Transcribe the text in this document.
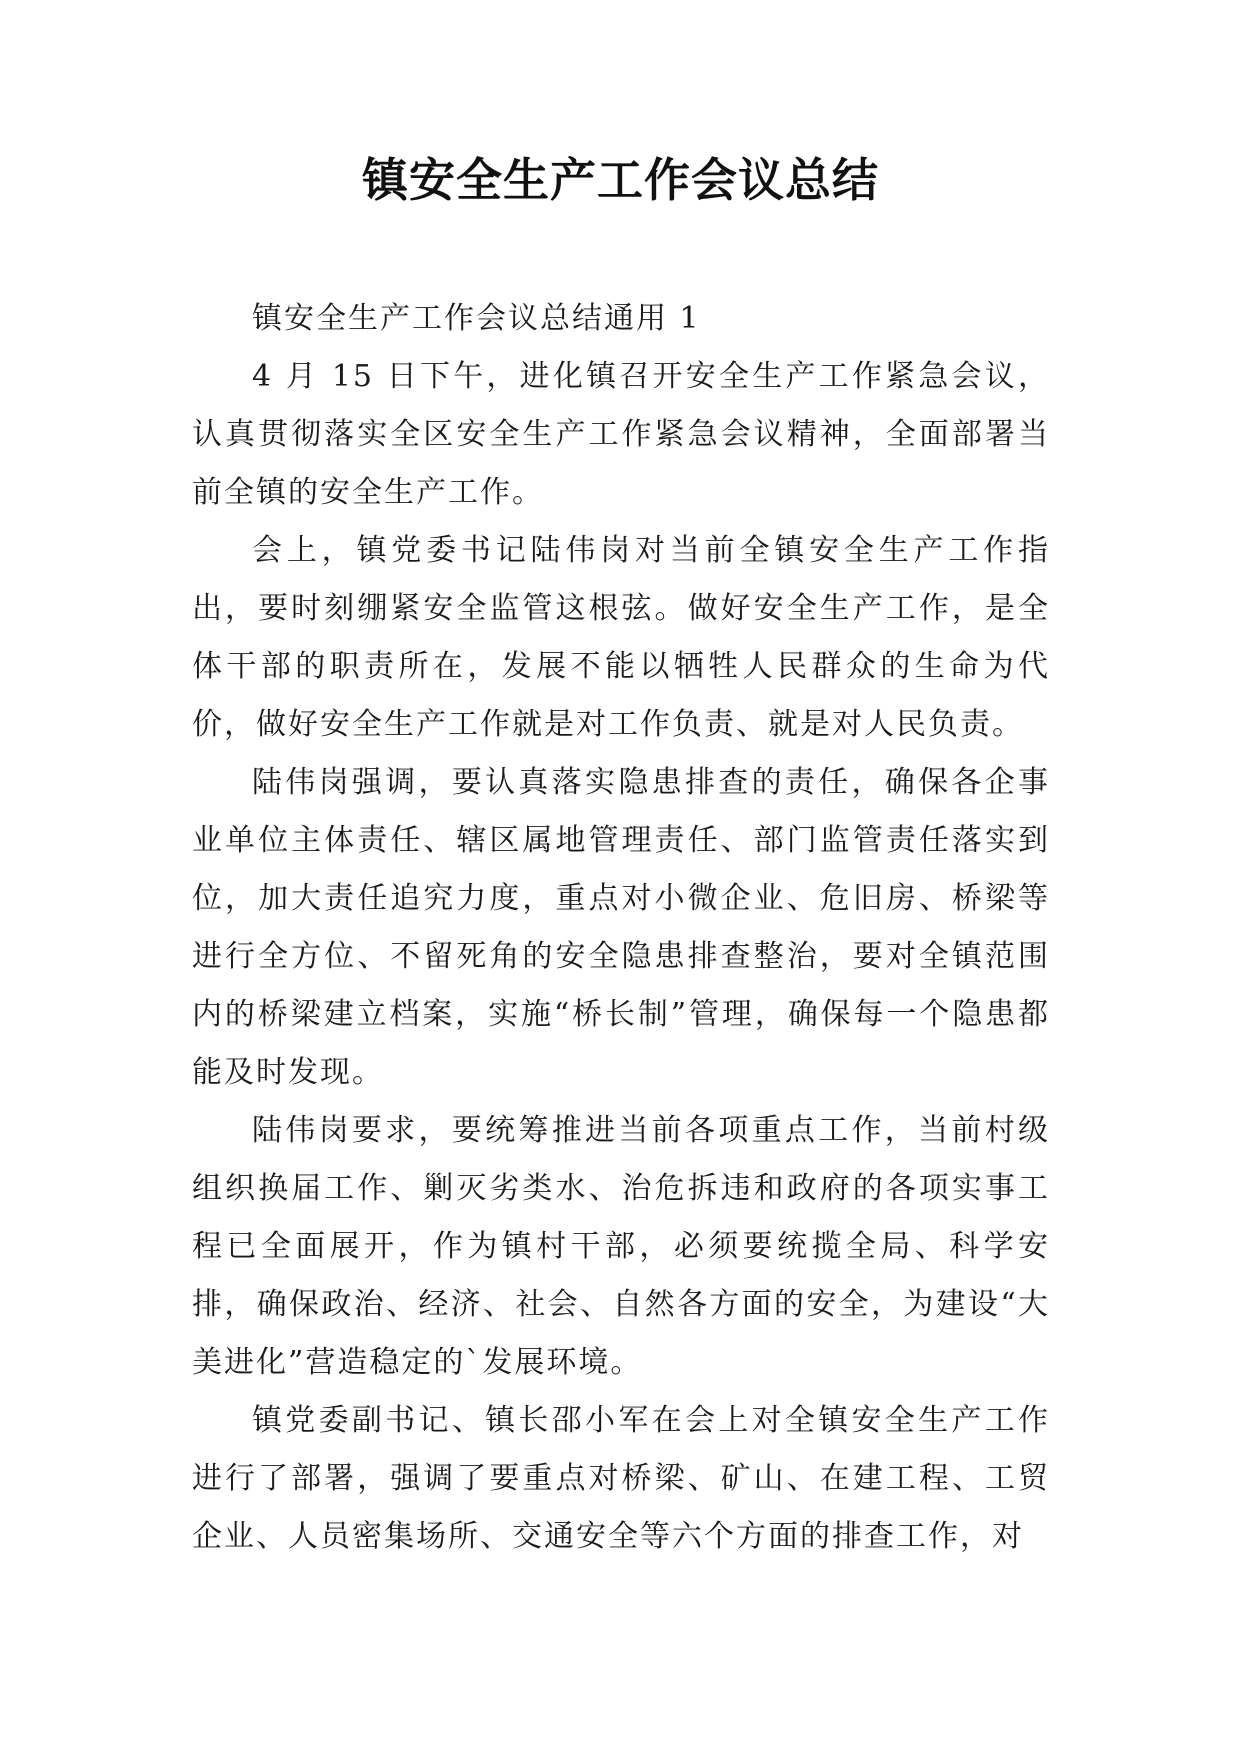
镇安全生产工作会议总结

镇安全生产工作会议总结通用 1

4 月 15 日下午，进化镇召开安全生产工作紧急会议，认真贯彻落实全区安全生产工作紧急会议精神，全面部署当前全镇的安全生产工作。

会上，镇党委书记陆伟岗对当前全镇安全生产工作指出，要时刻绷紧安全监管这根弦。做好安全生产工作，是全体干部的职责所在，发展不能以牺牲人民群众的生命为代价，做好安全生产工作就是对工作负责、就是对人民负责。

陆伟岗强调，要认真落实隐患排查的责任，确保各企事业单位主体责任、辖区属地管理责任、部门监管责任落实到位，加大责任追究力度，重点对小微企业、危旧房、桥梁等进行全方位、不留死角的安全隐患排查整治，要对全镇范围内的桥梁建立档案，实施“桥长制”管理，确保每一个隐患都能及时发现。

陆伟岗要求，要统筹推进当前各项重点工作，当前村级组织换届工作、剿灭劣类水、治危拆违和政府的各项实事工程已全面展开，作为镇村干部，必须要统揽全局、科学安排，确保政治、经济、社会、自然各方面的安全，为建设“大美进化”营造稳定的`发展环境。

镇党委副书记、镇长邵小军在会上对全镇安全生产工作进行了部署，强调了要重点对桥梁、矿山、在建工程、工贸企业、人员密集场所、交通安全等六个方面的排查工作，对
